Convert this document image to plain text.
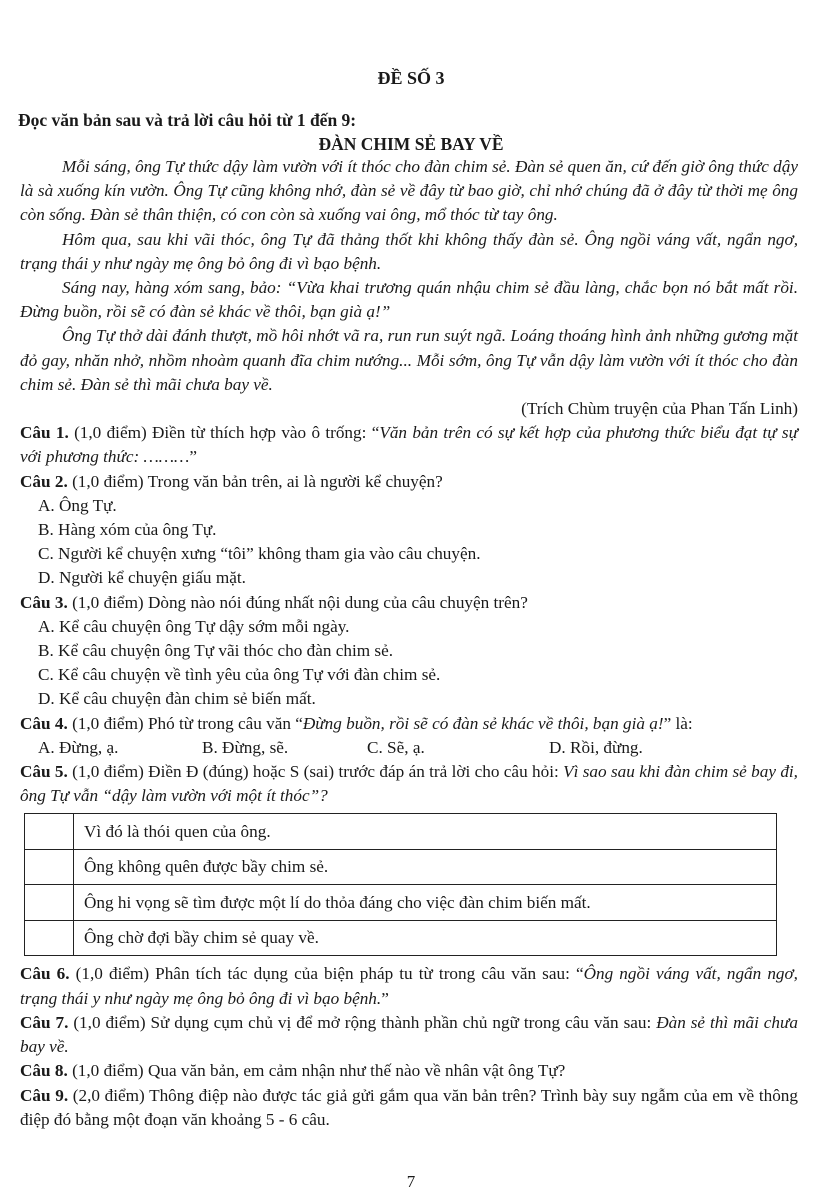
ĐỀ SỐ 3
Đọc văn bản sau và trả lời câu hỏi từ 1 đến 9:
ĐÀN CHIM SẺ BAY VỀ

Mỗi sáng, ông Tự thức dậy làm vườn với ít thóc cho đàn chim sẻ. Đàn sẻ quen ăn, cứ đến giờ ông thức dậy là sà xuống kín vườn. Ông Tự cũng không nhớ, đàn sẻ về đây từ bao giờ, chỉ nhớ chúng đã ở đây từ thời mẹ ông còn sống. Đàn sẻ thân thiện, có con còn sà xuống vai ông, mổ thóc từ tay ông.

Hôm qua, sau khi vãi thóc, ông Tự đã thảng thốt khi không thấy đàn sẻ. Ông ngồi váng vất, ngẩn ngơ, trạng thái y như ngày mẹ ông bỏ ông đi vì bạo bệnh.

Sáng nay, hàng xóm sang, bảo: “Vừa khai trương quán nhậu chim sẻ đầu làng, chắc bọn nó bắt mất rồi. Đừng buồn, rồi sẽ có đàn sẻ khác về thôi, bạn già ạ!”

Ông Tự thở dài đánh thượt, mồ hôi nhớt vã ra, run run suýt ngã. Loáng thoáng hình ảnh những gương mặt đỏ gay, nhăn nhở, nhồm nhoàm quanh đĩa chim nướng... Mỗi sớm, ông Tự vẫn dậy làm vườn với ít thóc cho đàn chim sẻ. Đàn sẻ thì mãi chưa bay về.

(Trích Chùm truyện của Phan Tấn Linh)

Câu 1. (1,0 điểm) Điền từ thích hợp vào ô trống: “Văn bản trên có sự kết hợp của phương thức biểu đạt tự sự với phương thức: ………”

Câu 2. (1,0 điểm) Trong văn bản trên, ai là người kể chuyện?

A. Ông Tự.

B. Hàng xóm của ông Tự.

C. Người kể chuyện xưng “tôi” không tham gia vào câu chuyện.

D. Người kể chuyện giấu mặt.

Câu 3. (1,0 điểm) Dòng nào nói đúng nhất nội dung của câu chuyện trên?

A. Kể câu chuyện ông Tự dậy sớm mỗi ngày.

B. Kể câu chuyện ông Tự vãi thóc cho đàn chim sẻ.

C. Kể câu chuyện về tình yêu của ông Tự với đàn chim sẻ.

D. Kể câu chuyện đàn chim sẻ biến mất.

Câu 4. (1,0 điểm) Phó từ trong câu văn “Đừng buồn, rồi sẽ có đàn sẻ khác về thôi, bạn già ạ!” là:

A. Đừng, ạ.	B. Đừng, sẽ.	C. Sẽ, ạ.	D. Rồi, đừng.

Câu 5. (1,0 điểm) Điền Đ (đúng) hoặc S (sai) trước đáp án trả lời cho câu hỏi: Vì sao sau khi đàn chim sẻ bay đi, ông Tự vẫn “dậy làm vườn với một ít thóc”?

	Vì đó là thói quen của ông.
	Ông không quên được bầy chim sẻ.
	Ông hi vọng sẽ tìm được một lí do thỏa đáng cho việc đàn chim biến mất.
	Ông chờ đợi bầy chim sẻ quay về.

Câu 6. (1,0 điểm) Phân tích tác dụng của biện pháp tu từ trong câu văn sau: “Ông ngồi váng vất, ngẩn ngơ, trạng thái y như ngày mẹ ông bỏ ông đi vì bạo bệnh.”

Câu 7. (1,0 điểm) Sử dụng cụm chủ vị để mở rộng thành phần chủ ngữ trong câu văn sau: Đàn sẻ thì mãi chưa bay về.

Câu 8. (1,0 điểm) Qua văn bản, em cảm nhận như thế nào về nhân vật ông Tự?

Câu 9. (2,0 điểm) Thông điệp nào được tác giả gửi gắm qua văn bản trên? Trình bày suy ngẫm của em về thông điệp đó bằng một đoạn văn khoảng 5 - 6 câu.

7
